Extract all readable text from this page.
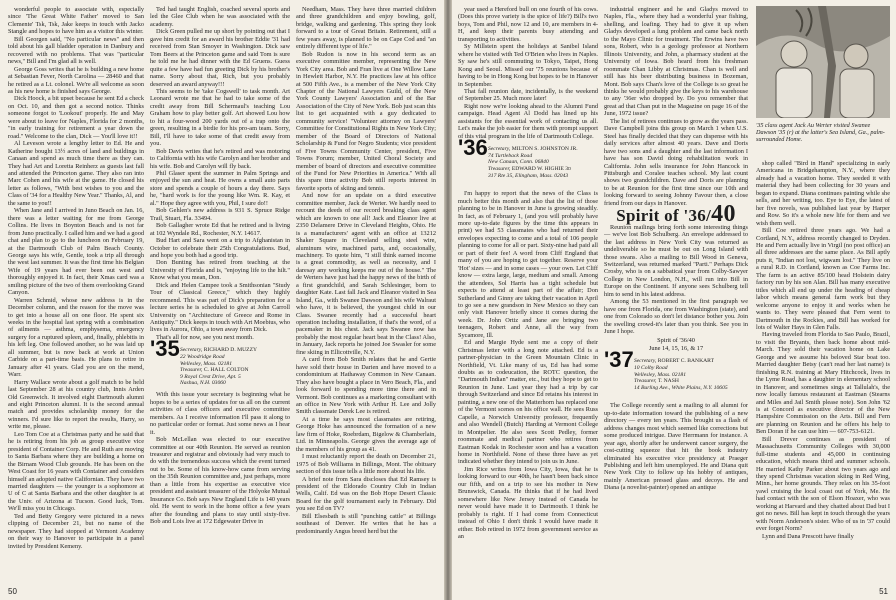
wonderful people to associate with, especially since 'The Great White Father' moved to San Clemente' Tsk, Tsk, Jake keeps in touch with Jacko Stangle and hopes to have him as a visitor this winter.

Bill Georgen said, "No particular news" and then told about his gall bladder operation in Danbury and recovered with no problems. That was "particular news," Bill and I'm glad all is well.

George Goss writes that he is building a new home at Sebastian Fever, North Carolina — 28460 and that he retired as a Lt. colonel. We're all welcome as soon as his new home is finished says George.

Dick Hoock, a bit upset because he sent Ed a check on Oct. 10, and then got a second notice. Thinks someone forgot to 'Lookout' properly. He and May were about to leave for Naples, Florida for 2 months, "in early training for retirement a year down the road." Welcome to the clan, Dick — You'll love it!!

Al Leveson wrote a lengthy letter to Ed. He and Katherine bought 13½ acres of land and buildings in Canaan and spend as much time there as they can. They had Art and Loretta Reinherz as guests last fall and attended the Princeton game. They also ran into Marc Cohen and his wife at the game. He closed his letter as follows, "With best wishes to you and the Class of '34 for a Healthy New Year." Thanks, Al, and the same to you!!

When Jane and I arrived in Juno Beach on Jan. 16, there was a letter waiting for me from George Collins. He lives in Boynton Beach and is not far from Juno practically. I called him and we had a good chat and plan to go to the luncheon on February 19, at the Dartmouth Club of Palm Beach County. George says his wife, Gentle, took a trip all through the west last summer. It was the first time his Belgian Wife of 19 years had ever been out west and thoroughly enjoyed it. In fact, their Xmas card was a smiling picture of the two of them overlooking Grand Canyon.

Warren Schmid, whose new address is in the December column, and the reason for the move was to get into a house all on one floor. He spent six weeks in the hospital last spring with a combination of ailments — asthma, emphysema, emergency surgery for a ruptured spleen, and, finally, phlebitis in his left leg. One followed another, so he was laid up all summer, but is now back at work at Union Carbide on a part-time basis. He plans to retire in January after 41 years. Glad you are on the mend, Warr.

Harry Wallace wrote about a golf match to be held last September 28 at his country club, Innis Arden Old Greenwich. It involved eight Dartmouth alumni and eight Princeton alumni. It is the second annual match and provides scholarship money for the winners. I'd sure like to report the results, Harry, so write me, please.

Leo Tom Coe at a Christmas party and he said that he is retiring from his job as group executive vice president of Container Corp. He and Ruth are moving to Santa Barbara where they are building a home on the Birnam Wood Club grounds. He has been on the West Coast for 16 years with Container and considers himself an adopted native Californian. They have two married daughters — the younger is a sophomore at U of C at Santa Barbara and the other daughter is at the Univ. of Arizona at Tucson. Good luck, Tom. We'll miss you in Chicago.

Ted and Betty Gregory were pictured in a news clipping of December 21, but no name of the newspaper. They had stopped at Vermont Academy on their way to Hanover to participate in a panel invited by President Kemeny.

Ted had taught English, coached several sports and led the Glee Club when he was associated with the academy.

Dick Green pulled me up short by pointing out that I gave him credit for an award his brother Eddie '31 had received from Stan Smoyer in Washington. Dick saw Tom Beers at the Princeton game and said Tom is sure he told me he had dinner with the Ed Gruens. Guess quite a few have had fun greeting Dick by his brother's name. Sorry about that, Rich, but you probably deserved an award anyway!!!

This seems to be 'take Cogswell' to task month. Art Leonard wrote me that he had to take some of the credit away from Bill Schermaul's teaching Lou Graham how to play better golf. Art showed Lou how to hit a four-wood 200 yards out of a trap onto the green, resulting in a birdie for his pro-am team. Sorry, Bill, I'll have to take some of that credit away from you.

Bob Davis writes that he's retired and was motoring to California with his wife Carolyn and her brother and his wife. Bob and Carolyn will fly back.

Phil Glaser spent the summer in Palm Springs and enjoyed the sun and heat. He owns a small auto parts store and spends a couple of hours a day there. Says he, "hard work is for the young like Wm. R. Kay, et al." Hope they agree with you, Phil, I sure do!!

Bob Gehlen's new address is 931 S. Spruce Ridge Trail, Stuart, Fla. 33494.

Bob Gallagher wrote Ed that he retired and is living at 102 Wyndale Rd., Rochester, N.Y. 14617.

Bud Hart and Sara went on a trip to Afghanistan in October to celebrate their 25th Congratulations. Bud, and hope you both had a good trip.

Don Bunting has retired from teaching at the University of Florida and is, "enjoying life to the hilt." Know what you mean, Don.

Dick and Helen Campee took a Smithsonian "Study Tour of Classical Greece," which they highly recommend. This was part of Dick's preparation for a lecture series he is scheduled to give at John Carroll University on "Architecture of Greece and Rome in Antiquity." Dick keeps in touch with Art Moebius, who lives in Aurora, Ohio, a town away from Dick.

That's all for now, see you next month.

'35 Secretary, RICHARD D. MUZZY
22 Woodridge Road
Wellesley, Mass. 02181
Treasurer, C. HALL COLTON
9 Royal Crest Drive, Apt. 5
Nashua, N.H. 03060

With this issue your secretary is beginning what he hopes to be a series of updates for us all on the current activities of class officers and executive committee members. As I receive information I'll pass it along to no particular order or format. Just some news as I hear it.

Bob McLellan was elected to our executive committee at our 40th Reunion. He served as reunion treasurer and registrar and obviously had very much to do with the tremendous success which the event turned out to be. Some of his know-how came from serving on the 35th Reunion committee and, just perhaps, more than a little from his expertise as executive vice president and assistant treasurer of the Holyoke Mutual Insurance Co. Bob says New England Life is 140 years old. He went to work in the home office a few years after the founding and plans to stay until sixty-five. Bob and Lois live at 172 Edgewater Drive in

Needham, Mass. They have three married children and three grandchildren and enjoy bowling, golf, bridge, walking and gardening. This spring they look forward to a tour of Great Britain. Retirement, still a few years away, is planned to be on Cape Cod and "an entirely different type of life."

Bob Rudon is now in his second term as an executive committee member, representing the New York City area. Bob and Fran live at One Willow Lane in Hewlett Harbor, N.Y. He practices law at his office at 500 Fifth Ave., is a member of the New York City Chapter of the National Lawyers Guild, of the New York County Lawyers' Association and of the Bar Association of the City of New York. Bob just scan this list to get acquainted with a guy dedicated to community service! "Volunteer attorney on Lawyers' Committee for Constitutional Rights in New York City; member of the Board of Directors of National Scholarship & Fund for Negro Students; vice president of Five Towns Community Center, president, Five Towns Forum; member, United Choral Society and member of board of directors and executive committee of the Fund for New Priorities in America." With all this spare time activity Bob still reports interest in favorite sports of skiing and tennis.

And now for an update on a third executive committee member, Jack de Werter. We hardly need to recount the deeds of our record breaking class agent which are known to one all! Jack and Eleanor live at 2350 Delamere Drive in Cleveland Heights, Ohio. He is a manufacturers' agent with an office at 13212 Shaker Square in Cleveland selling steel wire, aluminum wire, machined parts, and, occasionally, machinery. To quote him, "I still think earned income is a great commodity, as well as necessity, and I daresay any working keeps me out of the house." The de Werters have just had the happy news of the birth of a first grandchild, and Sarah Schlesinger, born to daughter Kate. Last fall Jack and Eleanor visited in Sea Island, Ga., with Swanee Dawson and his wife Walraut who have, it is believed, the youngest child in our Class. Swanee recently had a successful heart operation including installation, if that's the word, of a pacemaker in his chest. Jack says Swanee now has probably the most regular heart beat in the Class! Also, in January, Jack reports he joined Joe Swasler for some fine skiing in Ellicottville, N.Y.

A card from Bob Smith relates that he and Gertie have sold their house in Darien and have moved to a condominium at Hathaway Common in New Canaan. They also have bought a place in Vero Beach, Fla., and look forward to spending more time there and in Vermont. Bob continues as a marketing consultant with an office in New York with Arthur H. Lee and Jolly Smith classmate Derek Lee is retired.

At a time he says most classmates are retiring, George Hoke has announced the formation of a new law firm of Hoke, Roebrdam, Bigelow & Chamberlain, Ltd. in Minneapolis. George gives the average age of the members of his group as 41.

I must reluctantly report the death on December 21, 1975 of Bob Williams in Billings, Mont. The obituary section of this issue tells a little more about his life.

A brief note from Sara discloses that Ed Ramsey is president of the Eldorado Country Club in Indian Wells, Calif. Ed was on the Bob Hope Desert Classic Board for the golf tournament early in February. Did you see Ed on TV?

Bill Elsesbath is still "punching cattle" at Billings southeast of Denver. He writes that he has a predominantly Angus breed herd but the

50

year used a Hereford bull on one fourth of his cows. (Does this prove variety is the spice of life?) Bill's two boys, Tom and Phil, now 12 and 10, are members in 4-H, and keep their parents busy attending and transporting to activities.

Sy Millstein spent the holidays at Sanibel Island where he visited with Ted O'Brien who lives in Naples. Sy saw he's still commuting to Tokyo, Taipei, Hong Kong and Seoul. Missed our '75 reunions because of having to be in Hong Kong but hopes to be in Hanover in September.

That fall reunion date, incidentally, is the weekend of September 25. Much more later!

Right now we're looking ahead to the Alumni Fund campaign. Head Agent Al Dodd has lined up his assistants for the essential work of contacting us all. Let's make the job easier for them with prompt support of this vital program in the life of Dartmouth College.

'36 Secretary, MILTON S. JOHNSTON JR.
74 Turtleback Road
New Canaan, Conn. 06840
Treasurer, EDWARD W. HIGHIE 3d
317 Rte 35, Elingham, Mass. 02043

I'm happy to report that the news of the Class is much better this month and also that the list of those planning to be in Hanover in June is growing steadily. In fact, as of February 1, (and you will probably have more up-to-date figures by the time this appears in print) we had 53 classmates who had returned their envelopes expecting to come and a total of 106 people planning to come for all or part. Sixty-nine had paid all or part of their fee! A word from Cliff England that many of you are hoping to get together. Reserve your 'Hot' sizes — and in some cases — your own. Let Cliff know — extra large, large, medium and small. Among the attendees, Sol Harris has a tight schedule but expects to attend at least part of the affair; Don Sutherland and Ginny are taking their vacation in April to go see a new grandson in New Mexico so they can only visit Hanover briefly since it comes during the week. Dr. John Ortiz and Jane are bringing two teenagers, Robert and Anne, all the way from Sycamore, Ill.

Ed and Margie Hyde sent me a copy of their Christmas letter with a long note attached. Ed is a partner-physician in the Green Mountain Clinic in Northfield, Vt. Like many of us, Ed has had some doubts as to codeucation, the ROTC question, the "Dartmouth Indian" matter, etc., but they hope to get to Reunion in June. Last year they had a trip by car through Switzerland and since Ed retains his interest in painting, a new one of the Matterhorn has replaced one of the Vermont scenes on his office wall. He sees Russ Capelle, a Norwich University professor, frequently and also Wendell (Butch) Harding at Vermont College in Montpelier. He also sees Scott Pedley, former roommate and medical partner who retires from Eastman Kodak in Rochester soon and has a vacation home in Northfield. None of these three have as yet indicated whether they intend to join us in June.

Jim Rice writes from Iowa City, Iowa, that he is looking forward to our 40th, he hasn't been back since our fifth, and on a trip to see his mother in New Brunswick, Canada. He thinks that if he had lived somewhere like New Jersey instead of Canada he never would have made it to Dartmouth. I think he probably is right. If I had come from Connecticut instead of Ohio I don't think I would have made it either. Bob retired in 1972 from government service as an

industrial engineer and he and Gladys moved to Naples, Fla., where they had a wonderful year fishing, shelling, and loafing. They had to give it up when Gladys developed a lung problem and came back north to the Mayo Clinic for treatment. The Erwins have two sons, Robert, who is a geology professor at Northern Illinois University, and John, a pharmacy student at the University of Iowa. Bob heard from his freshman roommate Chan Libby at Christmas. Chan is well and still has his beer distributing business in Bozeman, Mont. Bob says Chan's love of the College is so great he thinks he would probably give the keys to his warehouse to any '36er who dropped by. Do you remember that great ad that Chan put in the Magazine on page 16 of the June, 1972 issue?

The list of retirees continues to grow as the years pass. Dave Campbell joins this group on March 1 when U.S. Steel has finally decided that they can dispense with his daily services after almost 40 years. Dave and Doris have two sons and a daughter and the last information I have has son David doing rehabilitation work in California. John sells insurance for John Hancock in Pittsburgh and Coralee teaches school. My last count shows two grandchildren. Dave and Doris are planning to be at Reunion for the first time since our 10th and looking forward to seeing Johnny Favour then, a close friend from our days in Hanover.

Spirit of '36/40

Reunion mailings bring forth some interesting things — we've lost Bob Schulberg. An envelope addressed to the last address in New York City was returned as undeliverable so he must be out on Long Island with those swans. Also a mailing to Bill Wood in Geneva, Switzerland, was returned marked "Parti." Perhaps Dick Crosby, who is on a sabbatical year from Colby-Sawyer College in New London, N.H., will run into Bill in Europe on the Continent. If anyone sees Schulberg tell him to send in his latest address.

Among the 53 mentioned in the first paragraph we have one from Florida, one from Washington (state), and one from Colorado so don't let distance bother you. Join the swelling crowd-it's later than you think. See you in June I hope.

Spirit of '36/40
June 14, 15, 16, & 17
'37 Secretary, ROBERT C. BANKART
10 Colby Road
Wellesley, Mass. 02181
Treasurer, T. NASH
14 Burling Ave., White Plains, N.Y. 10605

The College recently sent a mailing to all alumni for up-to-date information toward the publishing of a new directory — every ten years. This brought us a flash of address changes most which seemed like corrections but some produced intrigue. Dave Herrmann for instance. A year ago, shortly after he underwent cancer surgery, the cost-cutting squeeze that hit the book industry eliminated his executive vice presidency at Praeger Publishing and left him unemployed. He and Diana quit New York City to follow up his hobby of antiques, mainly American pressed glass and decoys. He and Diana (a novelist-painter) opened an antique

'35 class agent Jack Au Werter visited Swanee Dawson '35 (r) at the latter's Sea Island, Ga., palm-surrounded Home.

shop called "Bird in Hand" specializing in early Americana in Bridgehampton, N.Y., where they already had a vacation home. They seeded it with material they had been collecting for 30 years and began to expand. Diana continues painting while she sells, and her writing, too. Eye to Eye, the latest of her five novels, was published last year by Harper and Row. So it's a whole new life for them and we wish them well.

Bill Coe retired three years ago. We had a Cortland, N.Y., address recently changed to Dryden. He and Fern actually live in Virgil (no post office) an all three addresses are the same place. As Bill aptly puts it, "Indian not lost, wigwam lost." They live on a rural R.D. in Cortland, known as Coe Farms Inc. The farm is an active 85/100 head Holstein dairy factory run by his son Alan. Bill has many executive titles which all end up under the heading of cheap labor which means general farm work but they welcome anyone to enjoy it and works when he wants to. They were pleased that Fern went to Dartmouth in the Rockies, and Bill has worked for lots of Walter Hays in Glen Falls.

Having traveled from Florida to Sao Paulo, Brazil, to visit the Bryants, then back home about mid-March. They sold their vacation home on Lake George and we assume his beloved Star boat too. Married daughter Betsy (can't read her last name) is finishing R.N. training at Mary Hitchcock, lives in the Lyme Road, has a daughter in elementary school in Hanover, and sometimes sings at Tallulah's, the now locally famous restaurant at Eastman (Stearns and Miles and Jail Smith please note). Son John '62 is at Concord as executive director of the New Hampshire Commission on the Arts. Bill and Fern are planning on Reunion and he offers his help to Ben Doran if he can use him — 607-753-6121.

Bill Drever continues as president of Massachusetts Community Colleges with 30,000 full-time students and 45,000 in continuing education, which means third and summer schools. He married Kathy Parker about two years ago and they spend Christmas vacation skiing in Red Wing, Minn., her home grounds. They relax on his 35-foot yawl cruising the local coast out of York, Me. He had contact with the son of Elson Hoaxer, who was working at Harvard and they chatted about Dad but I got no news. Bill has kept in touch through the years with Norm Anderson's sister. Who of us in '37 could ever forget Norm?

Lynn and Dana Prescott have finally

51
